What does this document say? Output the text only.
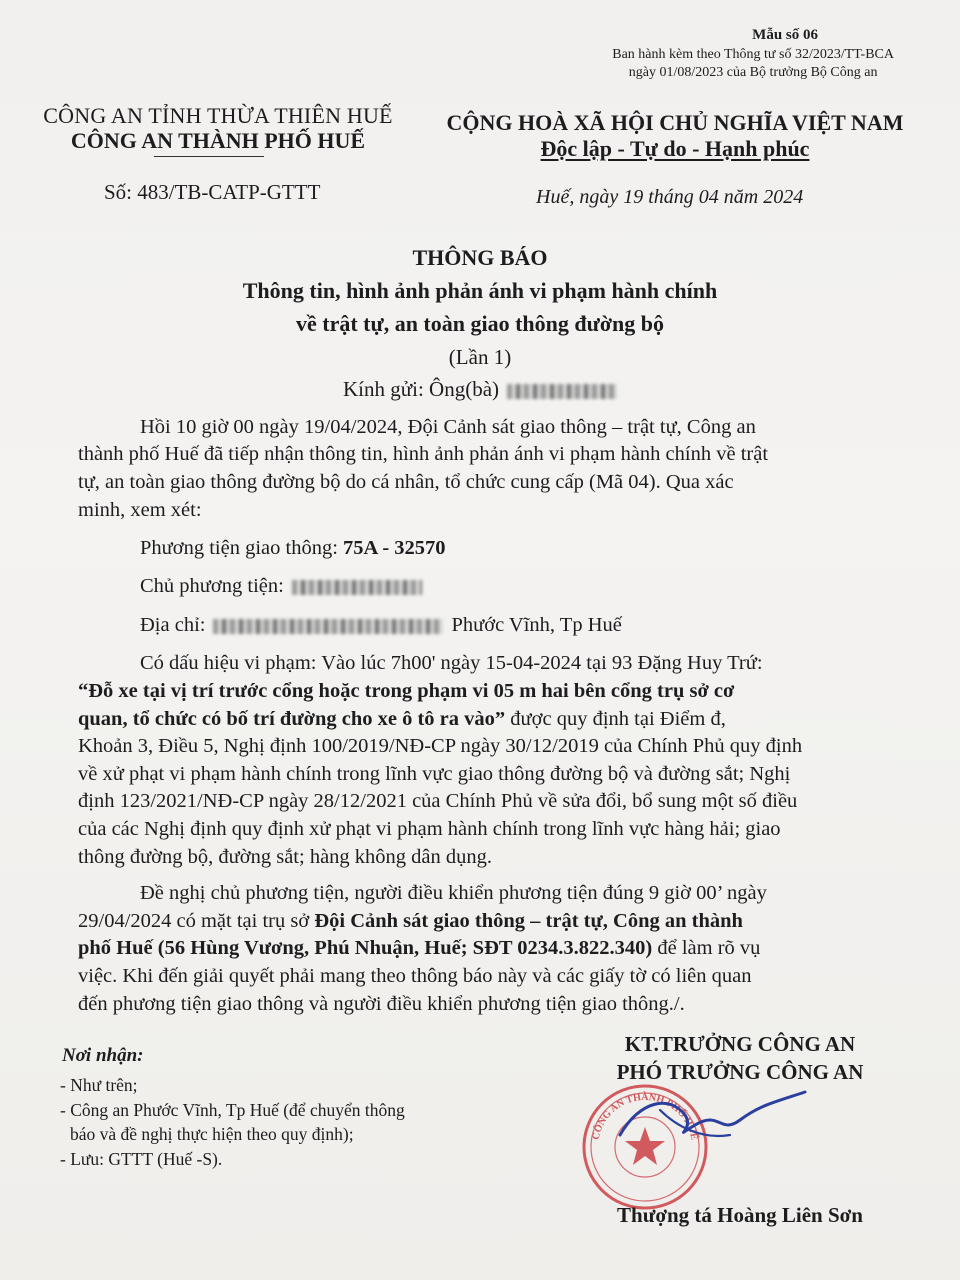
Mẫu số 06
Ban hành kèm theo Thông tư số 32/2023/TT-BCA
ngày 01/08/2023 của Bộ trưởng Bộ Công an
CÔNG AN TỈNH THỪA THIÊN HUẾ
CÔNG AN THÀNH PHỐ HUẾ
Số: 483/TB-CATP-GTTT
CỘNG HOÀ XÃ HỘI CHỦ NGHĨA VIỆT NAM
Độc lập - Tự do - Hạnh phúc
Huế, ngày 19 tháng 04 năm 2024
THÔNG BÁO
Thông tin, hình ảnh phản ánh vi phạm hành chính
về trật tự, an toàn giao thông đường bộ
(Lần 1)
Kính gửi: Ông(bà)
Hồi 10 giờ 00 ngày 19/04/2024, Đội Cảnh sát giao thông – trật tự, Công an
thành phố Huế đã tiếp nhận thông tin, hình ảnh phản ánh vi phạm hành chính về trật
tự, an toàn giao thông đường bộ do cá nhân, tổ chức cung cấp (Mã 04). Qua xác
minh, xem xét:
Phương tiện giao thông: 75A - 32570
Chủ phương tiện:
Địa chỉ:	Phước Vĩnh, Tp Huế
Có dấu hiệu vi phạm: Vào lúc 7h00' ngày 15-04-2024 tại 93 Đặng Huy Trứ:
“Đỗ xe tại vị trí trước cổng hoặc trong phạm vi 05 m hai bên cổng trụ sở cơ
quan, tổ chức có bố trí đường cho xe ô tô ra vào” được quy định tại Điểm đ,
Khoản 3, Điều 5, Nghị định 100/2019/NĐ-CP ngày 30/12/2019 của Chính Phủ quy định
về xử phạt vi phạm hành chính trong lĩnh vực giao thông đường bộ và đường sắt; Nghị
định 123/2021/NĐ-CP ngày 28/12/2021 của Chính Phủ về sửa đổi, bổ sung một số điều
của các Nghị định quy định xử phạt vi phạm hành chính trong lĩnh vực hàng hải; giao
thông đường bộ, đường sắt; hàng không dân dụng.
Đề nghị chủ phương tiện, người điều khiển phương tiện đúng 9 giờ 00’ ngày
29/04/2024 có mặt tại trụ sở Đội Cảnh sát giao thông – trật tự, Công an thành
phố Huế (56 Hùng Vương, Phú Nhuận, Huế; SĐT 0234.3.822.340) để làm rõ vụ
việc. Khi đến giải quyết phải mang theo thông báo này và các giấy tờ có liên quan
đến phương tiện giao thông và người điều khiển phương tiện giao thông./.
Nơi nhận:
- Như trên;
- Công an Phước Vĩnh, Tp Huế (để chuyển thông
báo và đề nghị thực hiện theo quy định);
- Lưu: GTTT (Huế -S).
KT.TRƯỞNG CÔNG AN
PHÓ TRƯỞNG CÔNG AN
CÔNG AN THÀNH PHỐ HUẾ
Thượng tá Hoàng Liên Sơn
